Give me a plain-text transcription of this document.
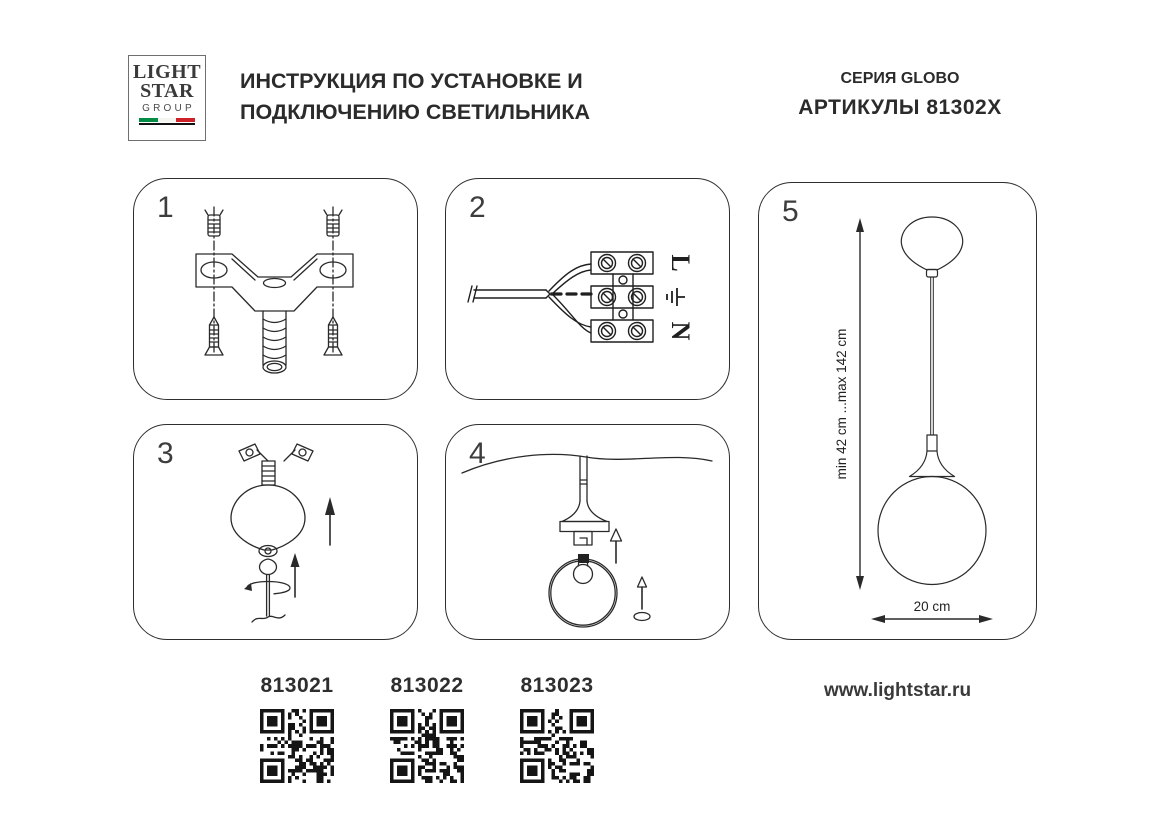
LIGHT
STAR
GROUP
ИНСТРУКЦИЯ ПО УСТАНОВКЕ И
ПОДКЛЮЧЕНИЮ СВЕТИЛЬНИКА
СЕРИЯ GLOBO
АРТИКУЛЫ 81302X
1	2
L
N
3	4
5
min 42 cm ...max 142 cm
20 cm
813021	813022	813023	www.lightstar.ru
